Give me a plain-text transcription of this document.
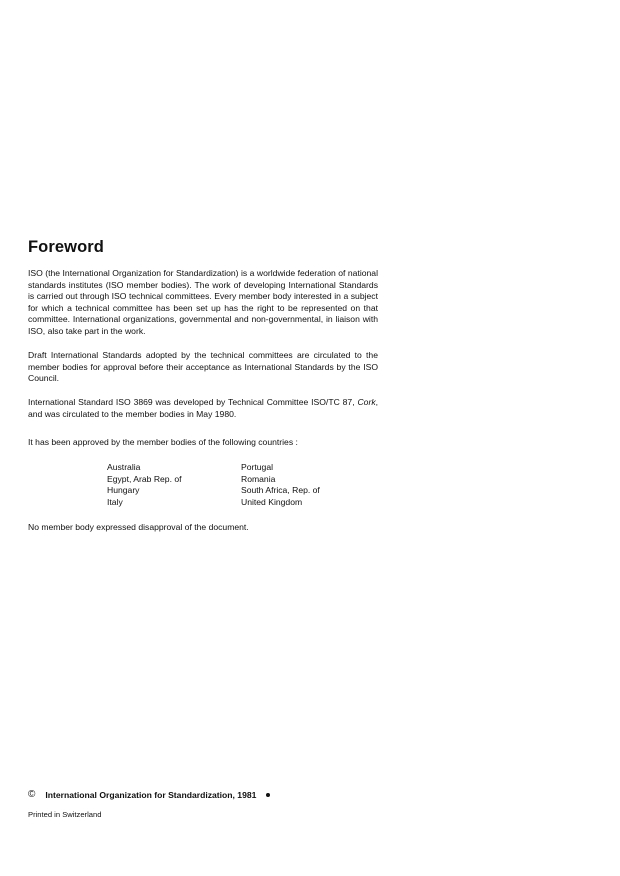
Foreword

ISO (the International Organization for Standardization) is a worldwide federation of national standards institutes (ISO member bodies). The work of developing International Standards is carried out through ISO technical committees. Every member body interested in a subject for which a technical committee has been set up has the right to be represented on that committee. International organizations, governmental and non-governmental, in liaison with ISO, also take part in the work.

Draft International Standards adopted by the technical committees are circulated to the member bodies for approval before their acceptance as International Standards by the ISO Council.

International Standard ISO 3869 was developed by Technical Committee ISO/TC 87, Cork, and was circulated to the member bodies in May 1980.

It has been approved by the member bodies of the following countries :

Australia
Egypt, Arab Rep. of
Hungary
Italy
Portugal
Romania
South Africa, Rep. of
United Kingdom

No member body expressed disapproval of the document.

© International Organization for Standardization, 1981
Printed in Switzerland
